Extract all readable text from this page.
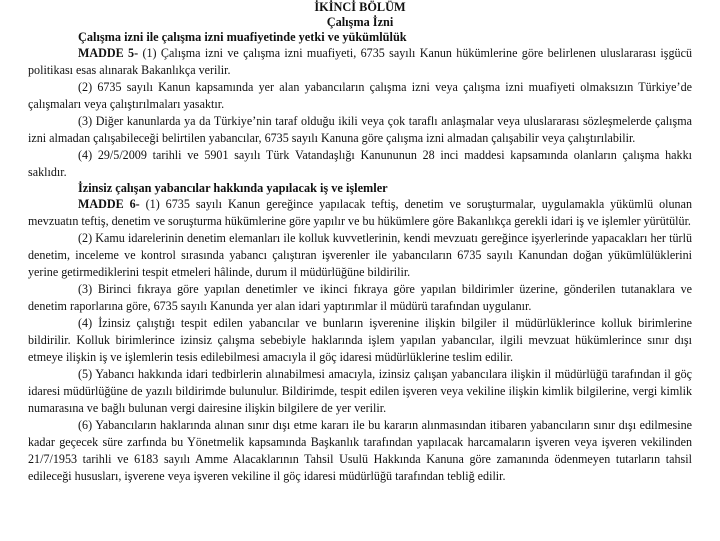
İKİNCİ BÖLÜM
Çalışma İzni
Çalışma izni ile çalışma izni muafiyetinde yetki ve yükümlülük

MADDE 5- (1) Çalışma izni ve çalışma izni muafiyeti, 6735 sayılı Kanun hükümlerine göre belirlenen uluslararası işgücü politikası esas alınarak Bakanlıkça verilir.

(2) 6735 sayılı Kanun kapsamında yer alan yabancıların çalışma izni veya çalışma izni muafiyeti olmaksızın Türkiye’de çalışmaları veya çalıştırılmaları yasaktır.

(3) Diğer kanunlarda ya da Türkiye’nin taraf olduğu ikili veya çok taraflı anlaşmalar veya uluslararası sözleşmelerde çalışma izni almadan çalışabileceği belirtilen yabancılar, 6735 sayılı Kanuna göre çalışma izni almadan çalışabilir veya çalıştırılabilir.

(4) 29/5/2009 tarihli ve 5901 sayılı Türk Vatandaşlığı Kanununun 28 inci maddesi kapsamında olanların çalışma hakkı saklıdır.

İzinsiz çalışan yabancılar hakkında yapılacak iş ve işlemler

MADDE 6- (1) 6735 sayılı Kanun gereğince yapılacak teftiş, denetim ve soruşturmalar, uygulamakla yükümlü olunan mevzuatın teftiş, denetim ve soruşturma hükümlerine göre yapılır ve bu hükümlere göre Bakanlıkça gerekli idari iş ve işlemler yürütülür.

(2) Kamu idarelerinin denetim elemanları ile kolluk kuvvetlerinin, kendi mevzuatı gereğince işyerlerinde yapacakları her türlü denetim, inceleme ve kontrol sırasında yabancı çalıştıran işverenler ile yabancıların 6735 sayılı Kanundan doğan yükümlülüklerini yerine getirmediklerini tespit etmeleri hâlinde, durum il müdürlüğüne bildirilir.

(3) Birinci fıkraya göre yapılan denetimler ve ikinci fıkraya göre yapılan bildirimler üzerine, gönderilen tutanaklara ve denetim raporlarına göre, 6735 sayılı Kanunda yer alan idari yaptırımlar il müdürü tarafından uygulanır.

(4) İzinsiz çalıştığı tespit edilen yabancılar ve bunların işverenine ilişkin bilgiler il müdürlüklerince kolluk birimlerine bildirilir. Kolluk birimlerince izinsiz çalışma sebebiyle haklarında işlem yapılan yabancılar, ilgili mevzuat hükümlerince sınır dışı etmeye ilişkin iş ve işlemlerin tesis edilebilmesi amacıyla il göç idaresi müdürlüklerine teslim edilir.

(5) Yabancı hakkında idari tedbirlerin alınabilmesi amacıyla, izinsiz çalışan yabancılara ilişkin il müdürlüğü tarafından il göç idaresi müdürlüğüne de yazılı bildirimde bulunulur. Bildirimde, tespit edilen işveren veya vekiline ilişkin kimlik bilgilerine, vergi kimlik numarasına ve bağlı bulunan vergi dairesine ilişkin bilgilere de yer verilir.

(6) Yabancıların haklarında alınan sınır dışı etme kararı ile bu kararın alınmasından itibaren yabancıların sınır dışı edilmesine kadar geçecek süre zarfında bu Yönetmelik kapsamında Başkanlık tarafından yapılacak harcamaların işveren veya işveren vekilinden 21/7/1953 tarihli ve 6183 sayılı Amme Alacaklarının Tahsil Usulü Hakkında Kanuna göre zamanında ödenmeyen tutarların tahsil edileceği hususları, işverene veya işveren vekiline il göç idaresi müdürlüğü tarafından tebliğ edilir.
